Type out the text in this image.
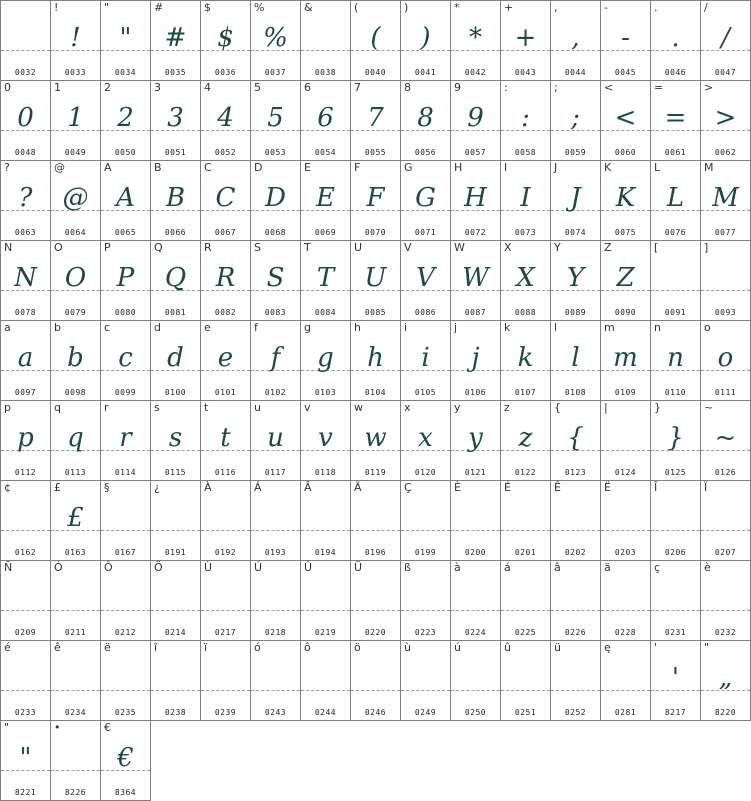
0032
!
!
0033
"
"
0034
#
#
0035
$
$
0036
%
%
0037
&
0038
(
(
0040
)
)
0041
*
*
0042
+
+
0043
,
,
0044
-
-
0045
.
.
0046
/
/
0047
0
0
0048
1
1
0049
2
2
0050
3
3
0051
4
4
0052
5
5
0053
6
6
0054
7
7
0055
8
8
0056
9
9
0057
:
:
0058
;
;
0059
<
<
0060
=
=
0061
>
>
0062
?
?
0063
@
@
0064
A
A
0065
B
B
0066
C
C
0067
D
D
0068
E
E
0069
F
F
0070
G
G
0071
H
H
0072
I
I
0073
J
J
0074
K
K
0075
L
L
0076
M
M
0077
N
N
0078
O
O
0079
P
P
0080
Q
Q
0081
R
R
0082
S
S
0083
T
T
0084
U
U
0085
V
V
0086
W
W
0087
X
X
0088
Y
Y
0089
Z
Z
0090
[
0091
]
0093
a
a
0097
b
b
0098
c
c
0099
d
d
0100
e
e
0101
f
f
0102
g
g
0103
h
h
0104
i
i
0105
j
j
0106
k
k
0107
l
l
0108
m
m
0109
n
n
0110
o
o
0111
p
p
0112
q
q
0113
r
r
0114
s
s
0115
t
t
0116
u
u
0117
v
v
0118
w
w
0119
x
x
0120
y
y
0121
z
z
0122
{
{
0123
|
0124
}
}
0125
~
~
0126
¢
0162
£
£
0163
§
0167
¿
0191
À
0192
Á
0193
Â
0194
Ä
0196
Ç
0199
È
0200
É
0201
Ê
0202
Ë
0203
Î
0206
Ï
0207
Ñ
0209
Ó
0211
Ô
0212
Ö
0214
Ù
0217
Ú
0218
Û
0219
Ü
0220
ß
0223
à
0224
á
0225
â
0226
ä
0228
ç
0231
è
0232
é
0233
ê
0234
ë
0235
î
0238
ï
0239
ó
0243
ô
0244
ö
0246
ù
0249
ú
0250
û
0251
ü
0252
ę
0281
'
'
8217
"
„
8220
"
"
8221
•
8226
€
€
8364
